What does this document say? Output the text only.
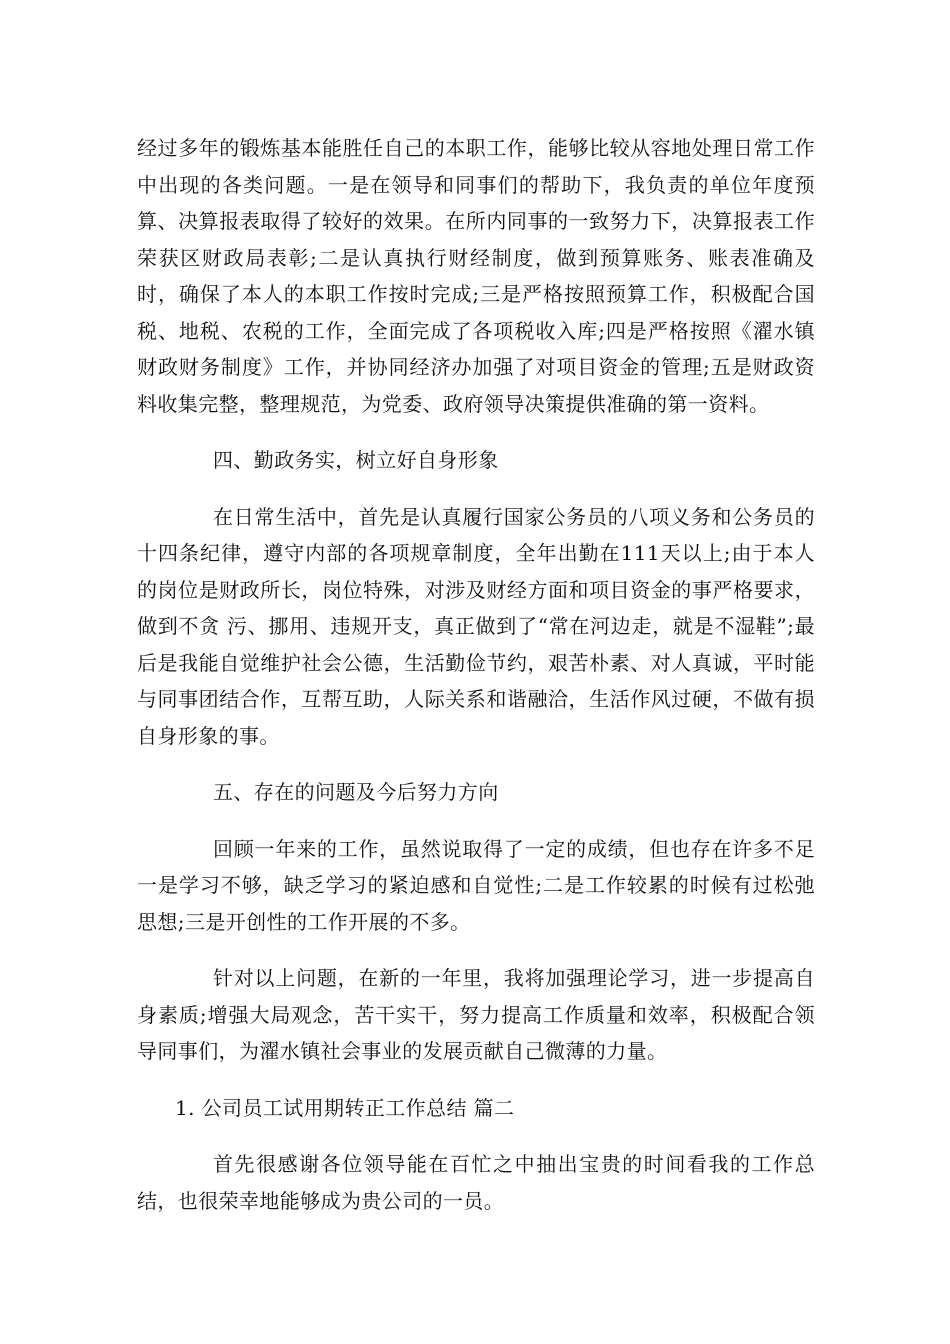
经过多年的锻炼基本能胜任自己的本职工作，能够比较从容地处理日常工作中出现的各类问题。一是在领导和同事们的帮助下，我负责的单位年度预算、决算报表取得了较好的效果。在所内同事的一致努力下，决算报表工作荣获区财政局表彰;二是认真执行财经制度，做到预算账务、账表准确及时，确保了本人的本职工作按时完成;三是严格按照预算工作，积极配合国税、地税、农税的工作，全面完成了各项税收入库;四是严格按照《濯水镇财政财务制度》工作，并协同经济办加强了对项目资金的管理;五是财政资料收集完整，整理规范，为党委、政府领导决策提供准确的第一资料。

四、勤政务实，树立好自身形象

在日常生活中，首先是认真履行国家公务员的八项义务和公务员的十四条纪律，遵守内部的各项规章制度，全年出勤在111天以上;由于本人的岗位是财政所长，岗位特殊，对涉及财经方面和项目资金的事严格要求，做到不贪 污、挪用、违规开支，真正做到了“常在河边走，就是不湿鞋”;最后是我能自觉维护社会公德，生活勤俭节约，艰苦朴素、对人真诚，平时能与同事团结合作，互帮互助，人际关系和谐融洽，生活作风过硬，不做有损自身形象的事。

五、存在的问题及今后努力方向

回顾一年来的工作，虽然说取得了一定的成绩，但也存在许多不足一是学习不够，缺乏学习的紧迫感和自觉性;二是工作较累的时候有过松弛思想;三是开创性的工作开展的不多。

针对以上问题，在新的一年里，我将加强理论学习，进一步提高自身素质;增强大局观念，苦干实干，努力提高工作质量和效率，积极配合领导同事们，为濯水镇社会事业的发展贡献自己微薄的力量。

1. 公司员工试用期转正工作总结 篇二

首先很感谢各位领导能在百忙之中抽出宝贵的时间看我的工作总结，也很荣幸地能够成为贵公司的一员。
